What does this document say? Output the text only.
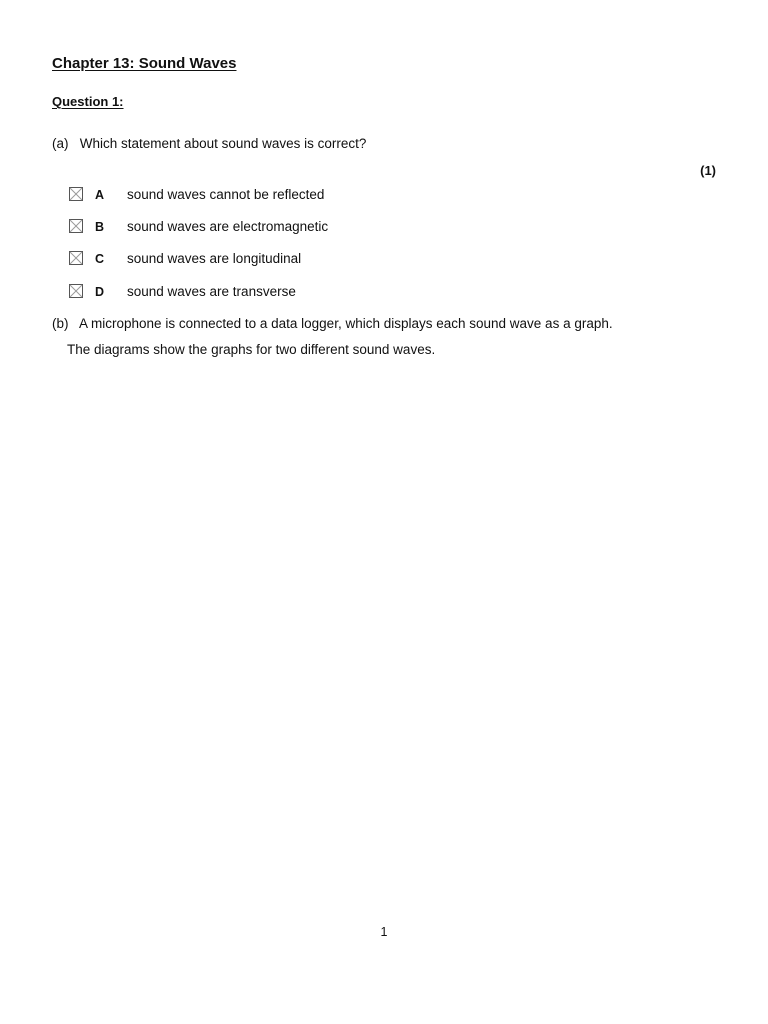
Chapter 13: Sound Waves
Question 1:
(a) Which statement about sound waves is correct?
(1)
A sound waves cannot be reflected
B sound waves are electromagnetic
C sound waves are longitudinal
D sound waves are transverse
(b) A microphone is connected to a data logger, which displays each sound wave as a graph.
The diagrams show the graphs for two different sound waves.
1
